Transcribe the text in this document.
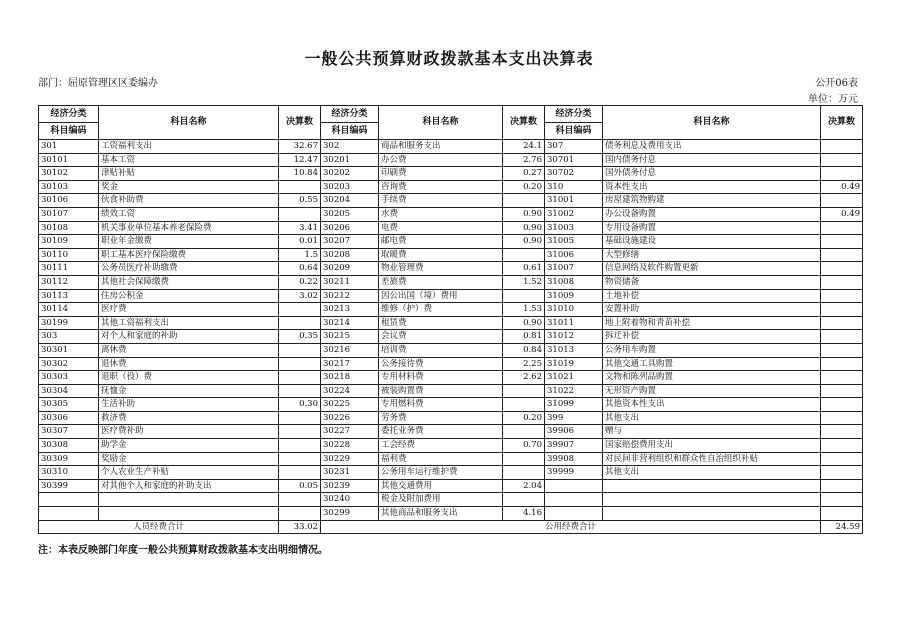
一般公共预算财政拨款基本支出决算表
部门：屈原管理区区委编办	公开06表
单位：万元
经济分类	科目名称	决算数	经济分类	科目名称	决算数	经济分类	科目名称	决算数
科目编码			科目编码			科目编码		
301	工资福利支出	32.67	302	商品和服务支出	24.1	307	债务利息及费用支出	
30101	基本工资	12.47	30201	办公费	2.76	30701	国内债务付息	
30102	津贴补贴	10.84	30202	印刷费	0.27	30702	国外债务付息	
30103	奖金		30203	咨询费	0.20	310	资本性支出	0.49
30106	伙食补助费	0.55	30204	手续费		31001	房屋建筑物购建	
30107	绩效工资		30205	水费	0.90	31002	办公设备购置	0.49
30108	机关事业单位基本养老保险费	3.41	30206	电费	0.90	31003	专用设备购置	
30109	职业年金缴费	0.01	30207	邮电费	0.90	31005	基础设施建设	
30110	职工基本医疗保险缴费	1.5	30208	取暖费		31006	大型修缮	
30111	公务员医疗补助缴费	0.64	30209	物业管理费	0.61	31007	信息网络及软件购置更新	
30112	其他社会保障缴费	0.22	30211	差旅费	1.52	31008	物资储备	
30113	住房公积金	3.02	30212	因公出国（境）费用		31009	土地补偿	
30114	医疗费		30213	维修（护）费	1.53	31010	安置补助	
30199	其他工资福利支出		30214	租赁费	0.90	31011	地上附着物和青苗补偿	
303	对个人和家庭的补助	0.35	30215	会议费	0.81	31012	拆迁补偿	
30301	离休费		30216	培训费	0.84	31013	公务用车购置	
30302	退休费		30217	公务接待费	2.25	31019	其他交通工具购置	
30303	退职（役）费		30218	专用材料费	2.62	31021	文物和陈列品购置	
30304	抚恤金		30224	被装购置费		31022	无形资产购置	
30305	生活补助	0.30	30225	专用燃料费		31099	其他资本性支出	
30306	救济费		30226	劳务费	0.20	399	其他支出	
30307	医疗费补助		30227	委托业务费		39906	赠与	
30308	助学金		30228	工会经费	0.70	39907	国家赔偿费用支出	
30309	奖励金		30229	福利费		39908	对民间非营利组织和群众性自治组织补贴	
30310	个人农业生产补贴		30231	公务用车运行维护费		39999	其他支出	
30399	对其他个人和家庭的补助支出	0.05	30239	其他交通费用	2.04			
			30240	税金及附加费用				
			30299	其他商品和服务支出	4.16			
人员经费合计		33.02	公用经费合计					24.59
注：本表反映部门年度一般公共预算财政拨款基本支出明细情况。
